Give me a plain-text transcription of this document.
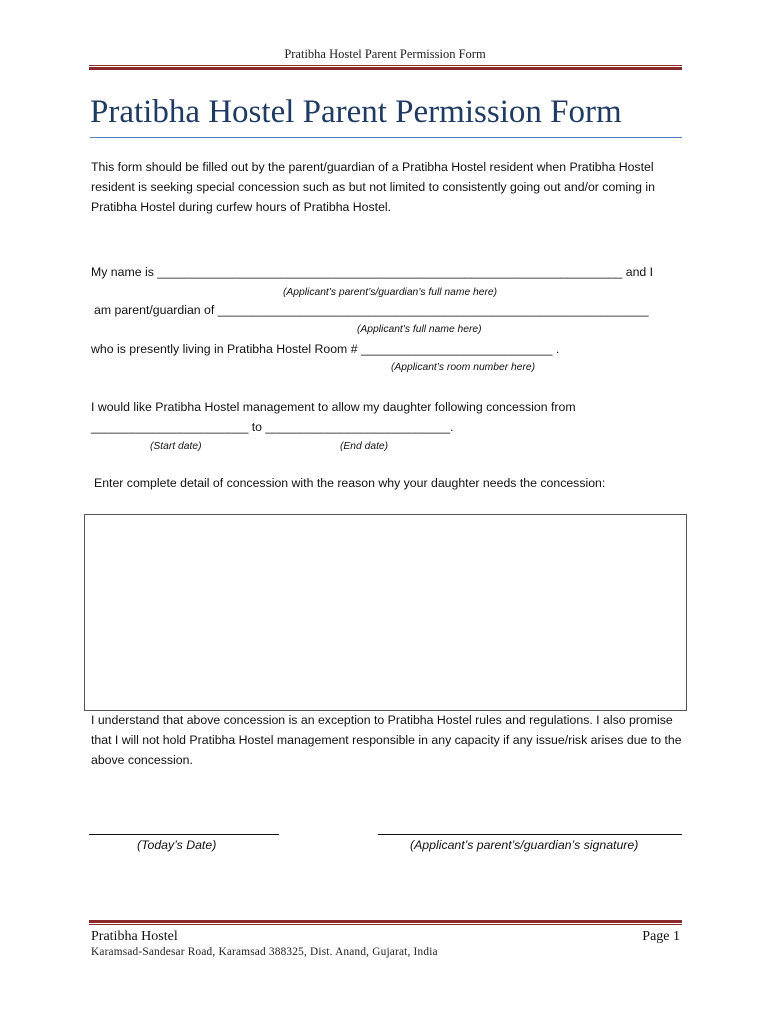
Pratibha Hostel Parent Permission Form
Pratibha Hostel Parent Permission Form
This form should be filled out by the parent/guardian of a Pratibha Hostel resident when Pratibha Hostel resident is seeking special concession such as but not limited to consistently going out and/or coming in Pratibha Hostel during curfew hours of Pratibha Hostel.
My name is ____________________________________________________________________ and I
(Applicant’s parent’s/guardian’s full name here)
am parent/guardian of _______________________________________________________________
(Applicant’s full name here)
who is presently living in Pratibha Hostel Room # ____________________________ .
(Applicant’s room number here)
I would like Pratibha Hostel management to allow my daughter following concession from
_______________________ to ___________________________.
(Start date)	(End date)
Enter complete detail of concession with the reason why your daughter needs the concession:
I understand that above concession is an exception to Pratibha Hostel rules and regulations. I also promise that I will not hold Pratibha Hostel management responsible in any capacity if any issue/risk arises due to the above concession.
(Today’s Date)	(Applicant’s parent’s/guardian’s signature)
Pratibha Hostel	Page 1
Karamsad-Sandesar Road, Karamsad 388325, Dist. Anand, Gujarat, India
